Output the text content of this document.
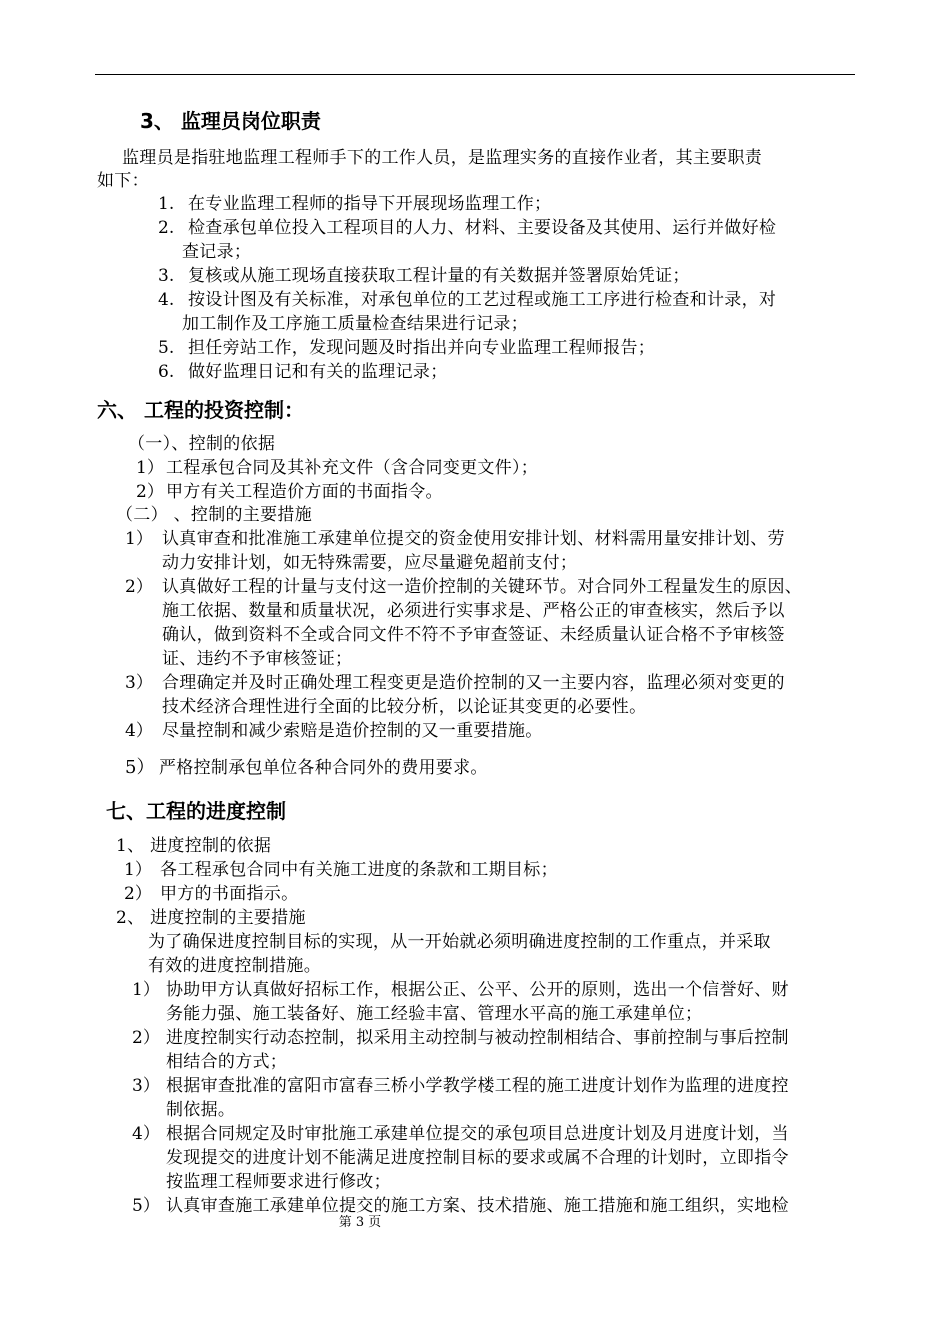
3、 监理员岗位职责
监理员是指驻地监理工程师手下的工作人员，是监理实务的直接作业者，其主要职责
如下：
1. 在专业监理工程师的指导下开展现场监理工作；
2. 检查承包单位投入工程项目的人力、材料、主要设备及其使用、运行并做好检
查记录；
3. 复核或从施工现场直接获取工程计量的有关数据并签署原始凭证；
4. 按设计图及有关标准，对承包单位的工艺过程或施工工序进行检查和计录，对
加工制作及工序施工质量检查结果进行记录；
5. 担任旁站工作，发现问题及时指出并向专业监理工程师报告；
6. 做好监理日记和有关的监理记录；
六、 工程的投资控制：
（一）、控制的依据
1） 工程承包合同及其补充文件（含合同变更文件）；
2） 甲方有关工程造价方面的书面指令。
（二） 、控制的主要措施
1） 认真审查和批准施工承建单位提交的资金使用安排计划、材料需用量安排计划、劳
动力安排计划，如无特殊需要，应尽量避免超前支付；
2） 认真做好工程的计量与支付这一造价控制的关键环节。对合同外工程量发生的原因、
施工依据、数量和质量状况，必须进行实事求是、严格公正的审查核实，然后予以
确认，做到资料不全或合同文件不符不予审查签证、未经质量认证合格不予审核签
证、违约不予审核签证；
3） 合理确定并及时正确处理工程变更是造价控制的又一主要内容，监理必须对变更的
技术经济合理性进行全面的比较分析，以论证其变更的必要性。
4） 尽量控制和减少索赔是造价控制的又一重要措施。
5） 严格控制承包单位各种合同外的费用要求。
七、工程的进度控制
1、 进度控制的依据
1） 各工程承包合同中有关施工进度的条款和工期目标；
2） 甲方的书面指示。
2、 进度控制的主要措施
为了确保进度控制目标的实现，从一开始就必须明确进度控制的工作重点，并采取
有效的进度控制措施。
1） 协助甲方认真做好招标工作，根据公正、公平、公开的原则，选出一个信誉好、财
务能力强、施工装备好、施工经验丰富、管理水平高的施工承建单位；
2） 进度控制实行动态控制，拟采用主动控制与被动控制相结合、事前控制与事后控制
相结合的方式；
3） 根据审查批准的富阳市富春三桥小学教学楼工程的施工进度计划作为监理的进度控
制依据。
4） 根据合同规定及时审批施工承建单位提交的承包项目总进度计划及月进度计划，当
发现提交的进度计划不能满足进度控制目标的要求或属不合理的计划时，立即指令
按监理工程师要求进行修改；
5） 认真审查施工承建单位提交的施工方案、技术措施、施工措施和施工组织，实地检
第 3 页
